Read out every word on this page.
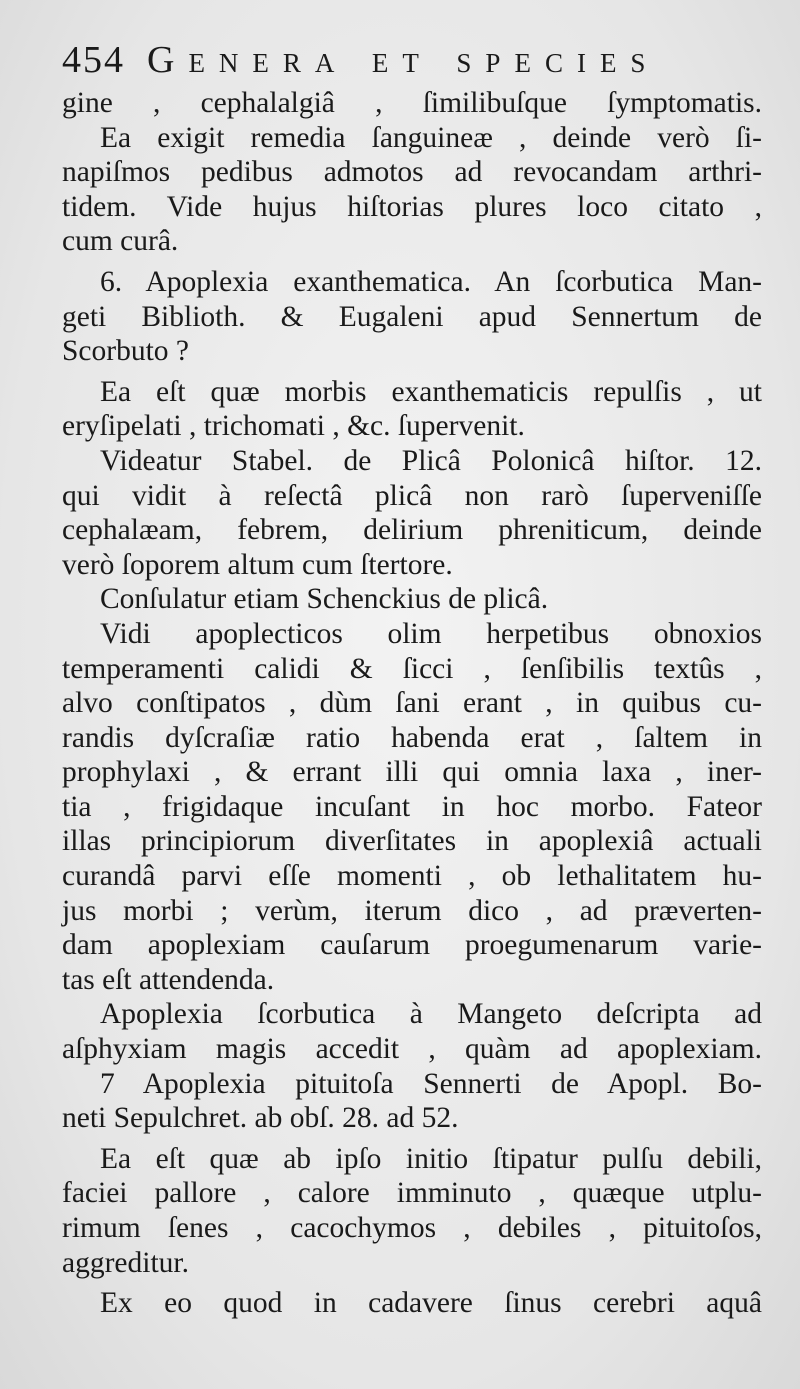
454 Genera et species
gine , cephalalgiâ , ſimilibuſque ſymptomatis.
Ea exigit remedia ſanguineæ , deinde verò ſi-
napiſmos pedibus admotos ad revocandam arthri-
tidem. Vide hujus hiſtorias plures loco citato ,
cum curâ.
6. Apoplexia exanthematica. An ſcorbutica Man-
geti Biblioth. & Eugaleni apud Sennertum de
Scorbuto ?
Ea eſt quæ morbis exanthematicis repulſis , ut
eryſipelati , trichomati , &c. ſupervenit.
Videatur Stabel. de Plicâ Polonicâ hiſtor. 12.
qui vidit à reſectâ plicâ non rarò ſuperveniſſe
cephalæam, febrem, delirium phreniticum, deinde
verò ſoporem altum cum ſtertore.
Conſulatur etiam Schenckius de plicâ.
Vidi apoplecticos olim herpetibus obnoxios
temperamenti calidi & ſicci , ſenſibilis textûs ,
alvo conſtipatos , dùm ſani erant , in quibus cu-
randis dyſcraſiæ ratio habenda erat , ſaltem in
prophylaxi , & errant illi qui omnia laxa , iner-
tia , frigidaque incuſant in hoc morbo. Fateor
illas principiorum diverſitates in apoplexiâ actuali
curandâ parvi eſſe momenti , ob lethalitatem hu-
jus morbi ; verùm, iterum dico , ad præverten-
dam apoplexiam cauſarum proegumenarum varie-
tas eſt attendenda.
Apoplexia ſcorbutica à Mangeto deſcripta ad
aſphyxiam magis accedit , quàm ad apoplexiam.
7 Apoplexia pituitoſa Sennerti de Apopl. Bo-
neti Sepulchret. ab obſ. 28. ad 52.
Ea eſt quæ ab ipſo initio ſtipatur pulſu debili,
faciei pallore , calore imminuto , quæque utplu-
rimum ſenes , cacochymos , debiles , pituitoſos,
aggreditur.
Ex eo quod in cadavere ſinus cerebri aquâ
